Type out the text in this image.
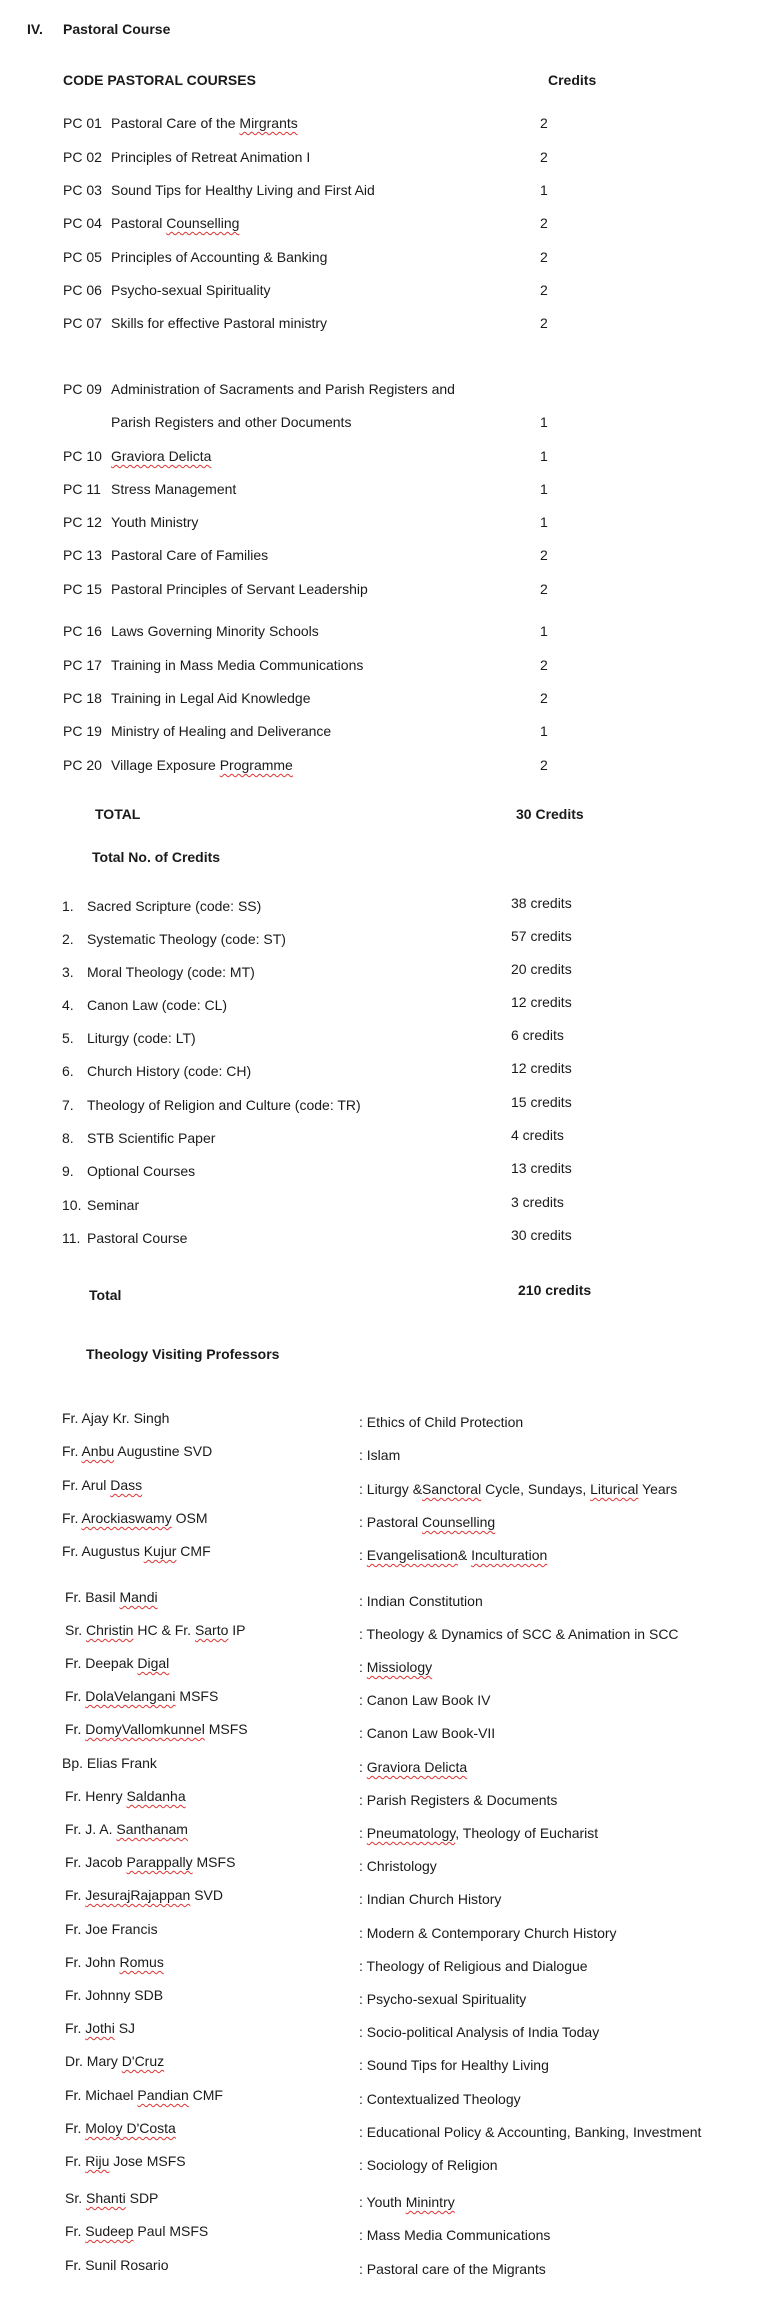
IV. Pastoral Course
CODE PASTORAL COURSES	Credits
PC 01 Pastoral Care of the Mirgrants	2
PC 02 Principles of Retreat Animation I	2
PC 03 Sound Tips for Healthy Living and First Aid	1
PC 04 Pastoral Counselling	2
PC 05 Principles of Accounting & Banking	2
PC 06 Psycho-sexual Spirituality	2
PC 07 Skills for effective Pastoral ministry	2
PC 09 Administration of Sacraments and Parish Registers and
Parish Registers and other Documents	1
PC 10 Graviora Delicta	1
PC 11 Stress Management	1
PC 12 Youth Ministry	1
PC 13 Pastoral Care of Families	2
PC 15 Pastoral Principles of Servant Leadership	2
PC 16 Laws Governing Minority Schools	1
PC 17 Training in Mass Media Communications	2
PC 18 Training in Legal Aid Knowledge	2
PC 19 Ministry of Healing and Deliverance	1
PC 20 Village Exposure Programme	2
TOTAL	30 Credits
Total No. of Credits
1. Sacred Scripture (code: SS)	38 credits
2. Systematic Theology (code: ST)	57 credits
3. Moral Theology (code: MT)	20 credits
4. Canon Law (code: CL)	12 credits
5. Liturgy (code: LT)	6 credits
6. Church History (code: CH)	12 credits
7. Theology of Religion and Culture (code: TR)	15 credits
8. STB Scientific Paper	4 credits
9. Optional Courses	13 credits
10. Seminar	3 credits
11. Pastoral Course	30 credits
Total	210 credits
Theology Visiting Professors
Fr. Ajay Kr. Singh	: Ethics of Child Protection
Fr. Anbu Augustine SVD	: Islam
Fr. Arul Dass	: Liturgy &Sanctoral Cycle, Sundays, Liturical Years
Fr. Arockiaswamy OSM	: Pastoral Counselling
Fr. Augustus Kujur CMF	: Evangelisation& Inculturation
Fr. Basil Mandi	: Indian Constitution
Sr. Christin HC & Fr. Sarto IP	: Theology & Dynamics of SCC & Animation in SCC
Fr. Deepak Digal	: Missiology
Fr. DolaVelangani MSFS	: Canon Law Book IV
Fr. DomyVallomkunnel MSFS	: Canon Law Book-VII
Bp. Elias Frank	: Graviora Delicta
Fr. Henry Saldanha	: Parish Registers & Documents
Fr. J. A. Santhanam	: Pneumatology, Theology of Eucharist
Fr. Jacob Parappally MSFS	: Christology
Fr. JesurajRajappan SVD	: Indian Church History
Fr. Joe Francis	: Modern & Contemporary Church History
Fr. John Romus	: Theology of Religious and Dialogue
Fr. Johnny SDB	: Psycho-sexual Spirituality
Fr. Jothi SJ	: Socio-political Analysis of India Today
Dr. Mary D'Cruz	: Sound Tips for Healthy Living
Fr. Michael Pandian CMF	: Contextualized Theology
Fr. Moloy D'Costa	: Educational Policy & Accounting, Banking, Investment
Fr. Riju Jose MSFS	: Sociology of Religion
Sr. Shanti SDP	: Youth Minintry
Fr. Sudeep Paul MSFS	: Mass Media Communications
Fr. Sunil Rosario	: Pastoral care of the Migrants
